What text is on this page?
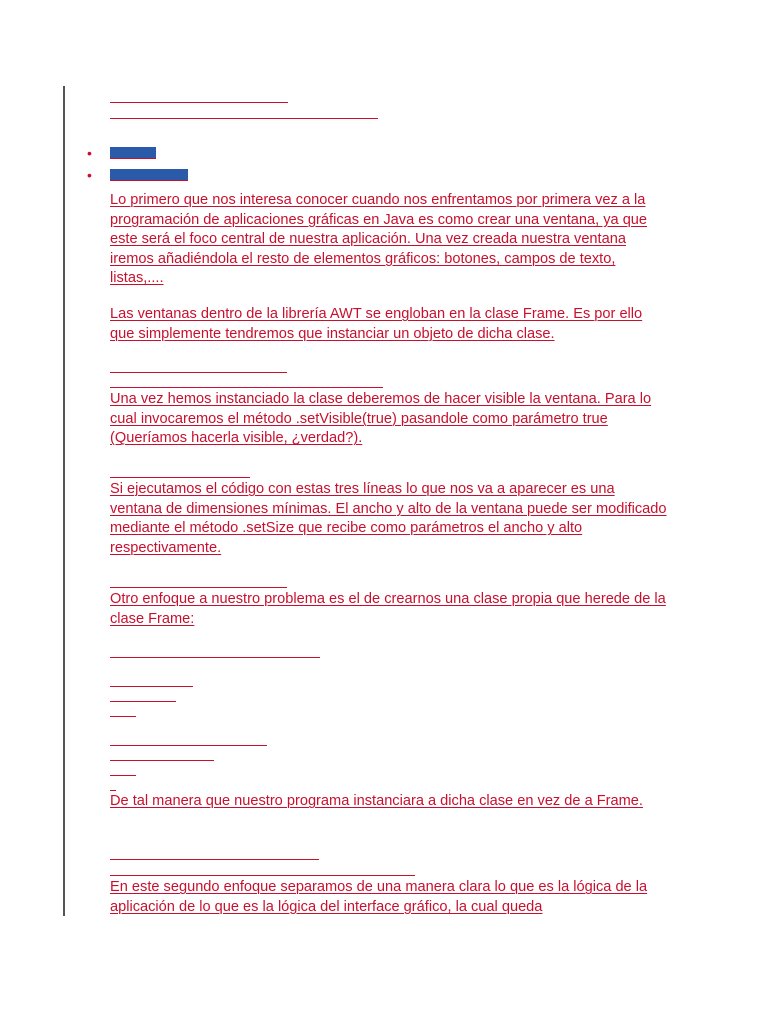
•
•

Lo primero que nos interesa conocer cuando nos enfrentamos por primera vez a la programación de aplicaciones gráficas en Java es como crear una ventana, ya que este será el foco central de nuestra aplicación. Una vez creada nuestra ventana iremos añadiéndola el resto de elementos gráficos: botones, campos de texto, listas,....

Las ventanas dentro de la librería AWT se engloban en la clase Frame. Es por ello que simplemente tendremos que instanciar un objeto de dicha clase.

Una vez hemos instanciado la clase deberemos de hacer visible la ventana. Para lo cual invocaremos el método .setVisible(true) pasandole como parámetro true (Queríamos hacerla visible, ¿verdad?).

Si ejecutamos el código con estas tres líneas lo que nos va a aparecer es una ventana de dimensiones mínimas. El ancho y alto de la ventana puede ser modificado mediante el método .setSize que recibe como parámetros el ancho y alto respectivamente.

Otro enfoque a nuestro problema es el de crearnos una clase propia que herede de la clase Frame:

De tal manera que nuestro programa instanciara a dicha clase en vez de a Frame.

En este segundo enfoque separamos de una manera clara lo que es la lógica de la aplicación de lo que es la lógica del interface gráfico, la cual queda
